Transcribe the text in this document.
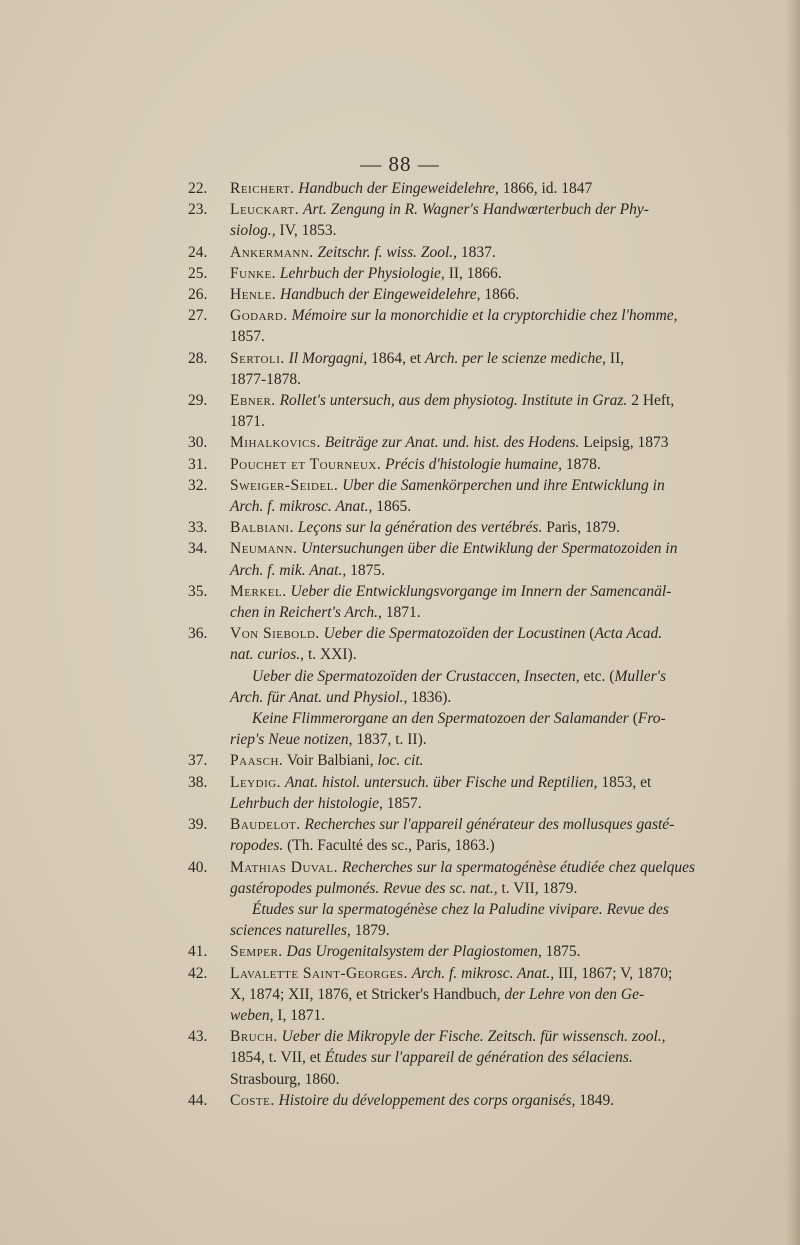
— 88 —
22. Reichert. Handbuch der Eingeweidelehre, 1866, id. 1847
23. Leuckart. Art. Zengung in R. Wagner's Handwœrterbuch der Phy-
siolog., IV, 1853.
24. Ankermann. Zeitschr. f. wiss. Zool., 1837.
25. Funke. Lehrbuch der Physiologie, II, 1866.
26. Henle. Handbuch der Eingeweidelehre, 1866.
27. Godard. Mémoire sur la monorchidie et la cryptorchidie chez l'homme,
1857.
28. Sertoli. Il Morgagni, 1864, et Arch. per le scienze mediche, II,
1877-1878.
29. Ebner. Rollet's untersuch, aus dem physiotog. Institute in Graz. 2 Heft,
1871.
30. Mihalkovics. Beiträge zur Anat. und. hist. des Hodens. Leipsig, 1873
31. Pouchet et Tourneux. Précis d'histologie humaine, 1878.
32. Sweiger-Seidel. Uber die Samenkörperchen und ihre Entwicklung in
Arch. f. mikrosc. Anat., 1865.
33. Balbiani. Leçons sur la génération des vertébrés. Paris, 1879.
34. Neumann. Untersuchungen über die Entwiklung der Spermatozoiden in
Arch. f. mik. Anat., 1875.
35. Merkel. Ueber die Entwicklungsvorgange im Innern der Samencanäl-
chen in Reichert's Arch., 1871.
36. Von Siebold. Ueber die Spermatozoïden der Locustinen (Acta Acad.
nat. curios., t. XXI).
Ueber die Spermatozoïden der Crustaccen, Insecten, etc. (Muller's
Arch. für Anat. und Physiol., 1836).
Keine Flimmerorgane an den Spermatozoen der Salamander (Fro-
riep's Neue notizen, 1837, t. II).
37. Paasch. Voir Balbiani, loc. cit.
38. Leydig. Anat. histol. untersuch. über Fische und Reptilien, 1853, et
Lehrbuch der histologie, 1857.
39. Baudelot. Recherches sur l'appareil générateur des mollusques gasté-
ropodes. (Th. Faculté des sc., Paris, 1863.)
40. Mathias Duval. Recherches sur la spermatogénèse étudiée chez quelques
gastéropodes pulmonés. Revue des sc. nat., t. VII, 1879.
Études sur la spermatogénèse chez la Paludine vivipare. Revue des
sciences naturelles, 1879.
41. Semper. Das Urogenitalsystem der Plagiostomen, 1875.
42. Lavalette Saint-Georges. Arch. f. mikrosc. Anat., III, 1867; V, 1870;
X, 1874; XII, 1876, et Stricker's Handbuch, der Lehre von den Ge-
weben, I, 1871.
43. Bruch. Ueber die Mikropyle der Fische. Zeitsch. für wissensch. zool.,
1854, t. VII, et Études sur l'appareil de génération des sélaciens.
Strasbourg, 1860.
44. Coste. Histoire du développement des corps organisés, 1849.
